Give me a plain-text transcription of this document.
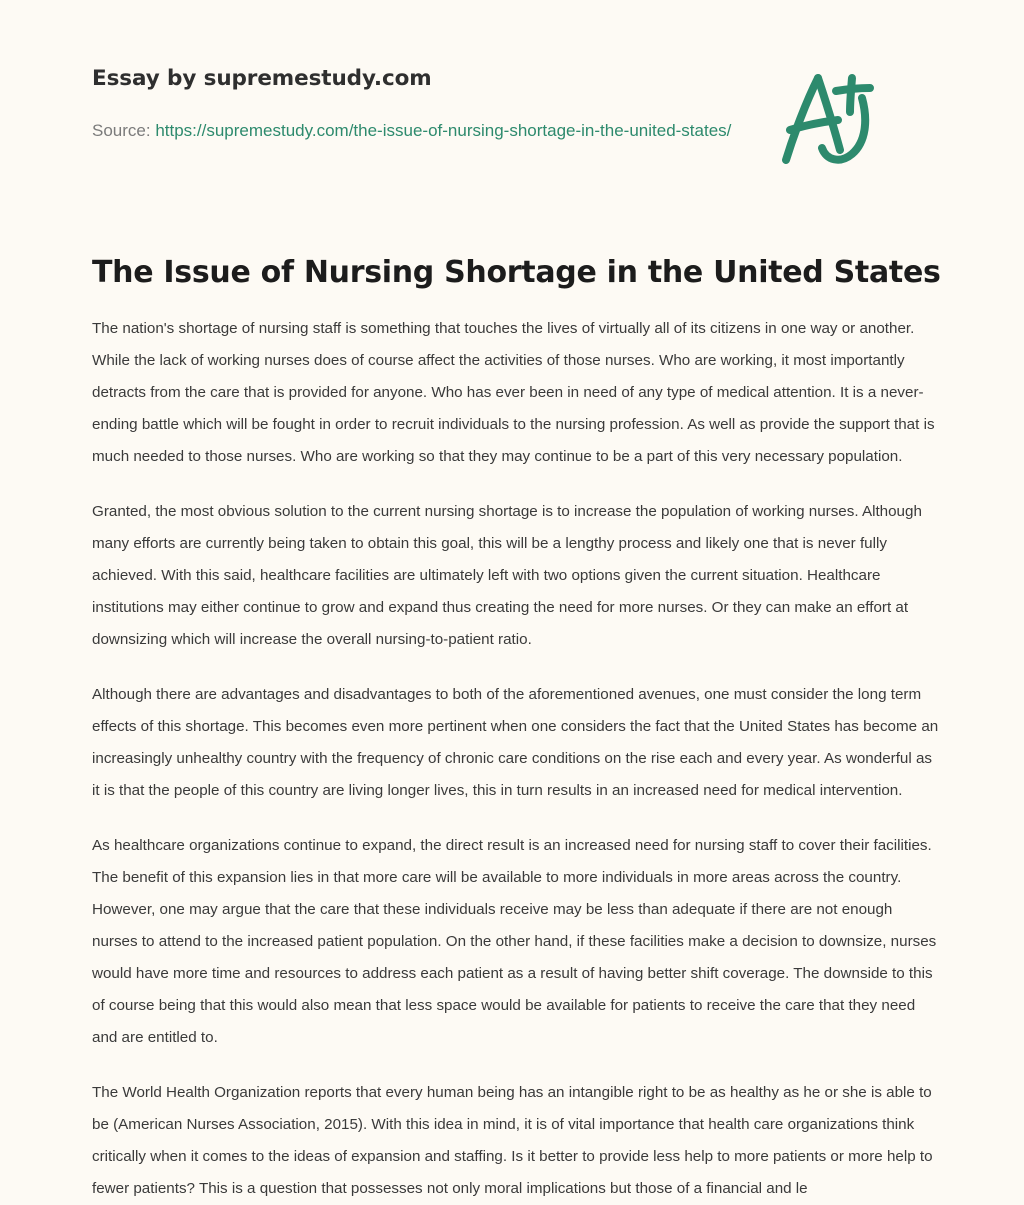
Essay by supremestudy.com
Source: https://supremestudy.com/the-issue-of-nursing-shortage-in-the-united-states/
The Issue of Nursing Shortage in the United States

The nation's shortage of nursing staff is something that touches the lives of virtually all of its citizens in one way or another. While the lack of working nurses does of course affect the activities of those nurses. Who are working, it most importantly detracts from the care that is provided for anyone. Who has ever been in need of any type of medical attention. It is a never-ending battle which will be fought in order to recruit individuals to the nursing profession. As well as provide the support that is much needed to those nurses. Who are working so that they may continue to be a part of this very necessary population.

Granted, the most obvious solution to the current nursing shortage is to increase the population of working nurses. Although many efforts are currently being taken to obtain this goal, this will be a lengthy process and likely one that is never fully achieved. With this said, healthcare facilities are ultimately left with two options given the current situation. Healthcare institutions may either continue to grow and expand thus creating the need for more nurses. Or they can make an effort at downsizing which will increase the overall nursing-to-patient ratio.

Although there are advantages and disadvantages to both of the aforementioned avenues, one must consider the long term effects of this shortage. This becomes even more pertinent when one considers the fact that the United States has become an increasingly unhealthy country with the frequency of chronic care conditions on the rise each and every year. As wonderful as it is that the people of this country are living longer lives, this in turn results in an increased need for medical intervention.

As healthcare organizations continue to expand, the direct result is an increased need for nursing staff to cover their facilities. The benefit of this expansion lies in that more care will be available to more individuals in more areas across the country. However, one may argue that the care that these individuals receive may be less than adequate if there are not enough nurses to attend to the increased patient population. On the other hand, if these facilities make a decision to downsize, nurses would have more time and resources to address each patient as a result of having better shift coverage. The downside to this of course being that this would also mean that less space would be available for patients to receive the care that they need and are entitled to.

The World Health Organization reports that every human being has an intangible right to be as healthy as he or she is able to be (American Nurses Association, 2015). With this idea in mind, it is of vital importance that health care organizations think critically when it comes to the ideas of expansion and staffing. Is it better to provide less help to more patients or more help to fewer patients? This is a question that possesses not only moral implications but those of a financial and le
